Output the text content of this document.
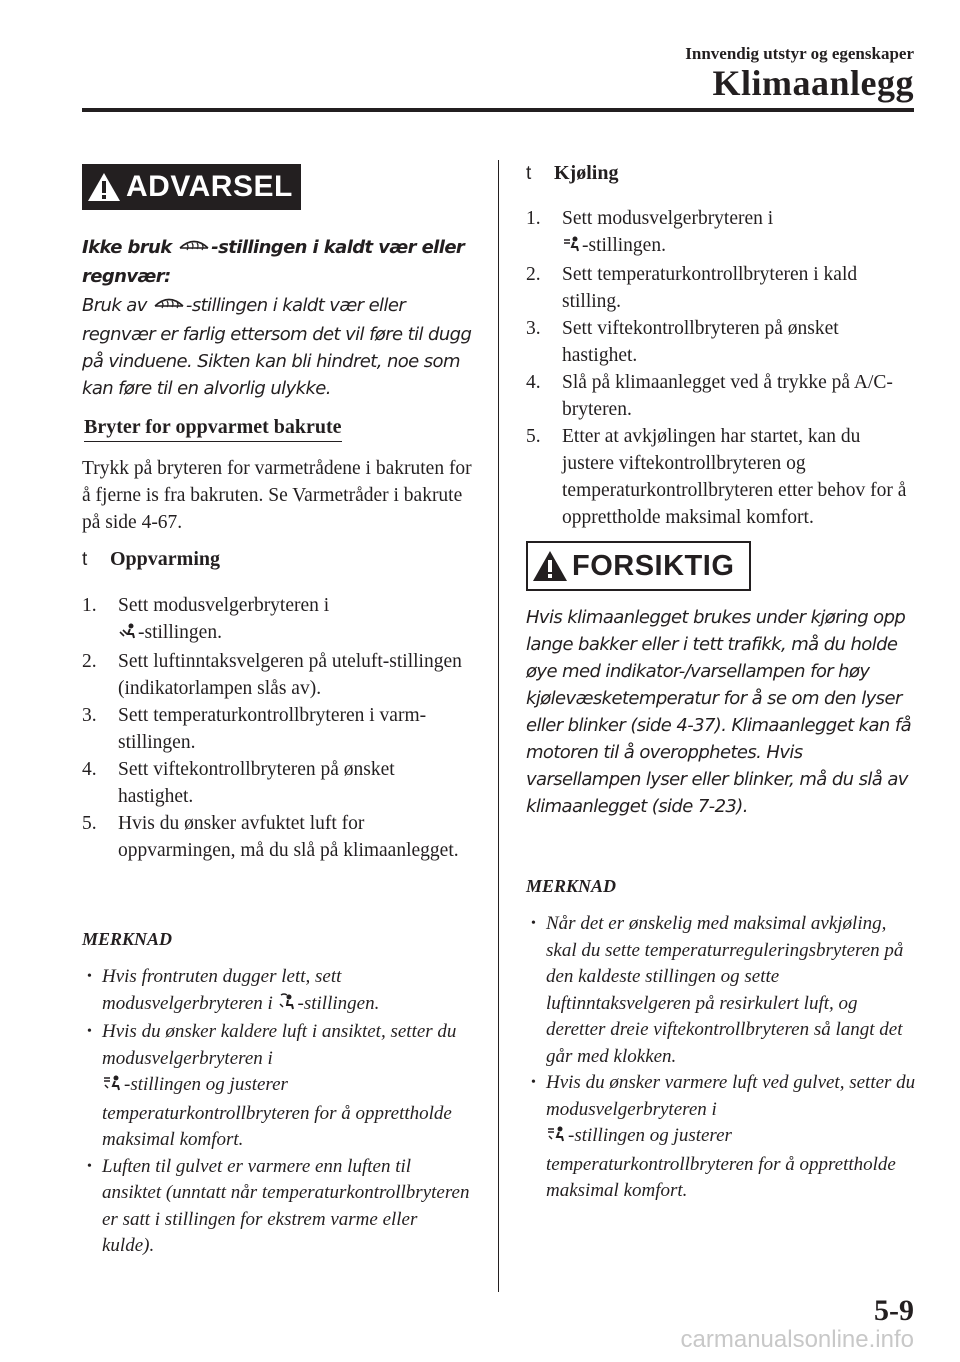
Innvendig utstyr og egenskaper
Klimaanlegg
ADVARSEL
Ikke bruk -stillingen i kaldt vær eller regnvær:
Bruk av -stillingen i kaldt vær eller regnvær er farlig ettersom det vil føre til dugg på vinduene. Sikten kan bli hindret, noe som kan føre til en alvorlig ulykke.
Bryter for oppvarmet bakrute
Trykk på bryteren for varmetrådene i bakruten for å fjerne is fra bakruten. Se Varmetråder i bakrute på side 4-67.
t	Oppvarming
1. Sett modusvelgerbryteren i
-stillingen.
2. Sett luftinntaksvelgeren på uteluft-stillingen (indikatorlampen slås av).
3. Sett temperaturkontrollbryteren i varm-stillingen.
4. Sett viftekontrollbryteren på ønsket hastighet.
5. Hvis du ønsker avfuktet luft for oppvarmingen, må du slå på klimaanlegget.
MERKNAD
• Hvis frontruten dugger lett, sett modusvelgerbryteren i -stillingen.
• Hvis du ønsker kaldere luft i ansiktet, setter du modusvelgerbryteren i
-stillingen og justerer temperaturkontrollbryteren for å opprettholde maksimal komfort.
• Luften til gulvet er varmere enn luften til ansiktet (unntatt når temperaturkontrollbryteren er satt i stillingen for ekstrem varme eller kulde).
t	Kjøling
1. Sett modusvelgerbryteren i
-stillingen.
2. Sett temperaturkontrollbryteren i kald stilling.
3. Sett viftekontrollbryteren på ønsket hastighet.
4. Slå på klimaanlegget ved å trykke på A/C-bryteren.
5. Etter at avkjølingen har startet, kan du justere viftekontrollbryteren og temperaturkontrollbryteren etter behov for å opprettholde maksimal komfort.
FORSIKTIG
Hvis klimaanlegget brukes under kjøring opp lange bakker eller i tett trafikk, må du holde øye med indikator-/varsellampen for høy kjølevæsketemperatur for å se om den lyser eller blinker (side 4-37). Klimaanlegget kan få motoren til å overopphetes. Hvis varsellampen lyser eller blinker, må du slå av klimaanlegget (side 7-23).
MERKNAD
• Når det er ønskelig med maksimal avkjøling, skal du sette temperaturreguleringsbryteren på den kaldeste stillingen og sette luftinntaksvelgeren på resirkulert luft, og deretter dreie viftekontrollbryteren så langt det går med klokken.
• Hvis du ønsker varmere luft ved gulvet, setter du modusvelgerbryteren i
-stillingen og justerer temperaturkontrollbryteren for å opprettholde maksimal komfort.
5-9
carmanualsonline.info
